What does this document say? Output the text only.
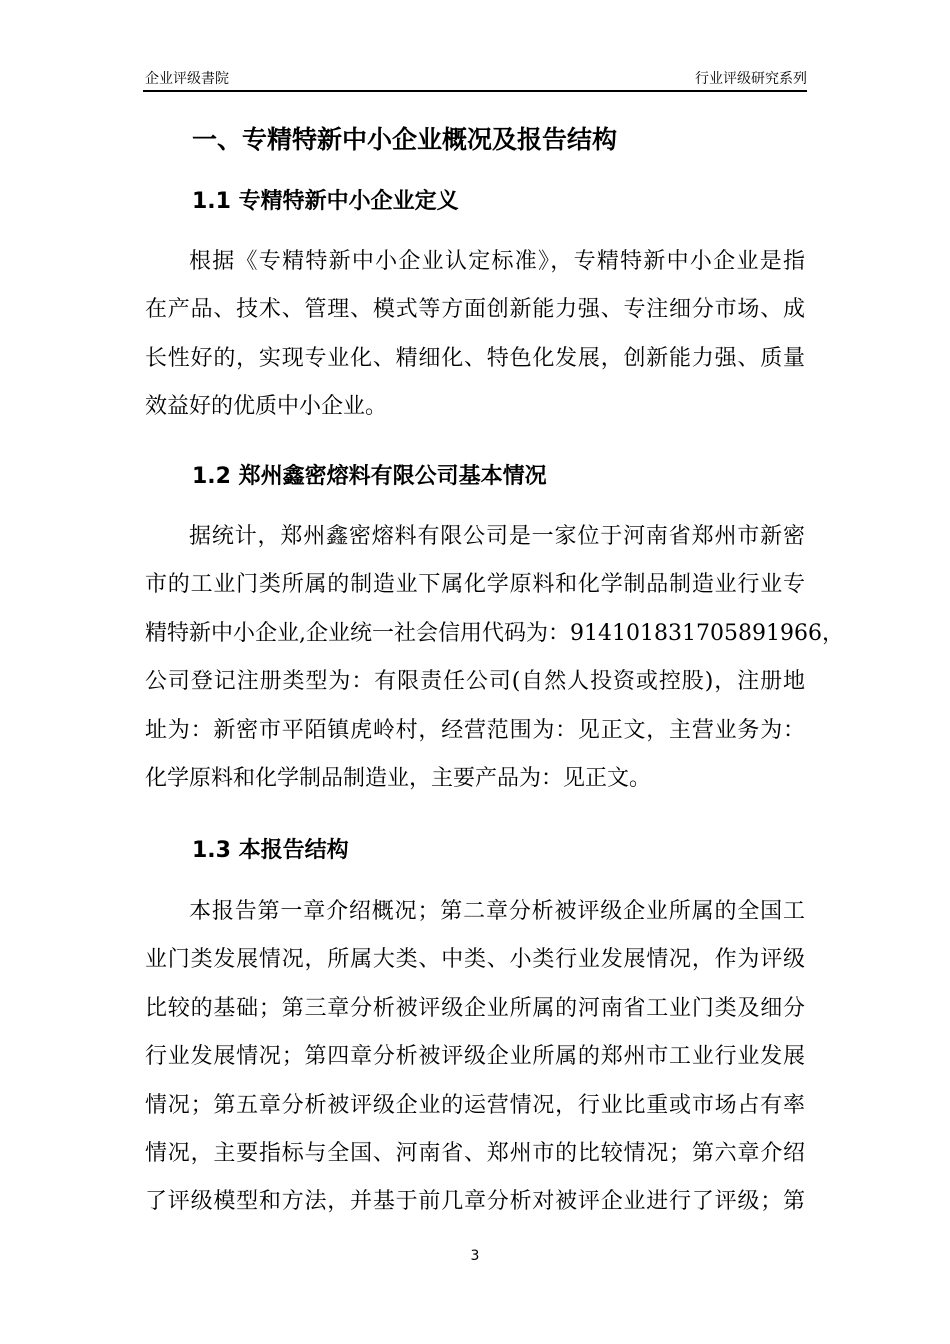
企业评级書院	行业评级研究系列
一、专精特新中小企业概况及报告结构
1.1 专精特新中小企业定义
根据《专精特新中小企业认定标准》，专精特新中小企业是指
在产品、技术、管理、模式等方面创新能力强、专注细分市场、成
长性好的，实现专业化、精细化、特色化发展，创新能力强、质量
效益好的优质中小企业。
1.2 郑州鑫密熔料有限公司基本情况
据统计，郑州鑫密熔料有限公司是一家位于河南省郑州市新密
市的工业门类所属的制造业下属化学原料和化学制品制造业行业专
精特新中小企业,企业统一社会信用代码为：914101831705891966，
公司登记注册类型为：有限责任公司(自然人投资或控股)，注册地
址为：新密市平陌镇虎岭村，经营范围为：见正文，主营业务为：
化学原料和化学制品制造业，主要产品为：见正文。
1.3 本报告结构
本报告第一章介绍概况；第二章分析被评级企业所属的全国工
业门类发展情况，所属大类、中类、小类行业发展情况，作为评级
比较的基础；第三章分析被评级企业所属的河南省工业门类及细分
行业发展情况；第四章分析被评级企业所属的郑州市工业行业发展
情况；第五章分析被评级企业的运营情况，行业比重或市场占有率
情况，主要指标与全国、河南省、郑州市的比较情况；第六章介绍
了评级模型和方法，并基于前几章分析对被评企业进行了评级；第
3
